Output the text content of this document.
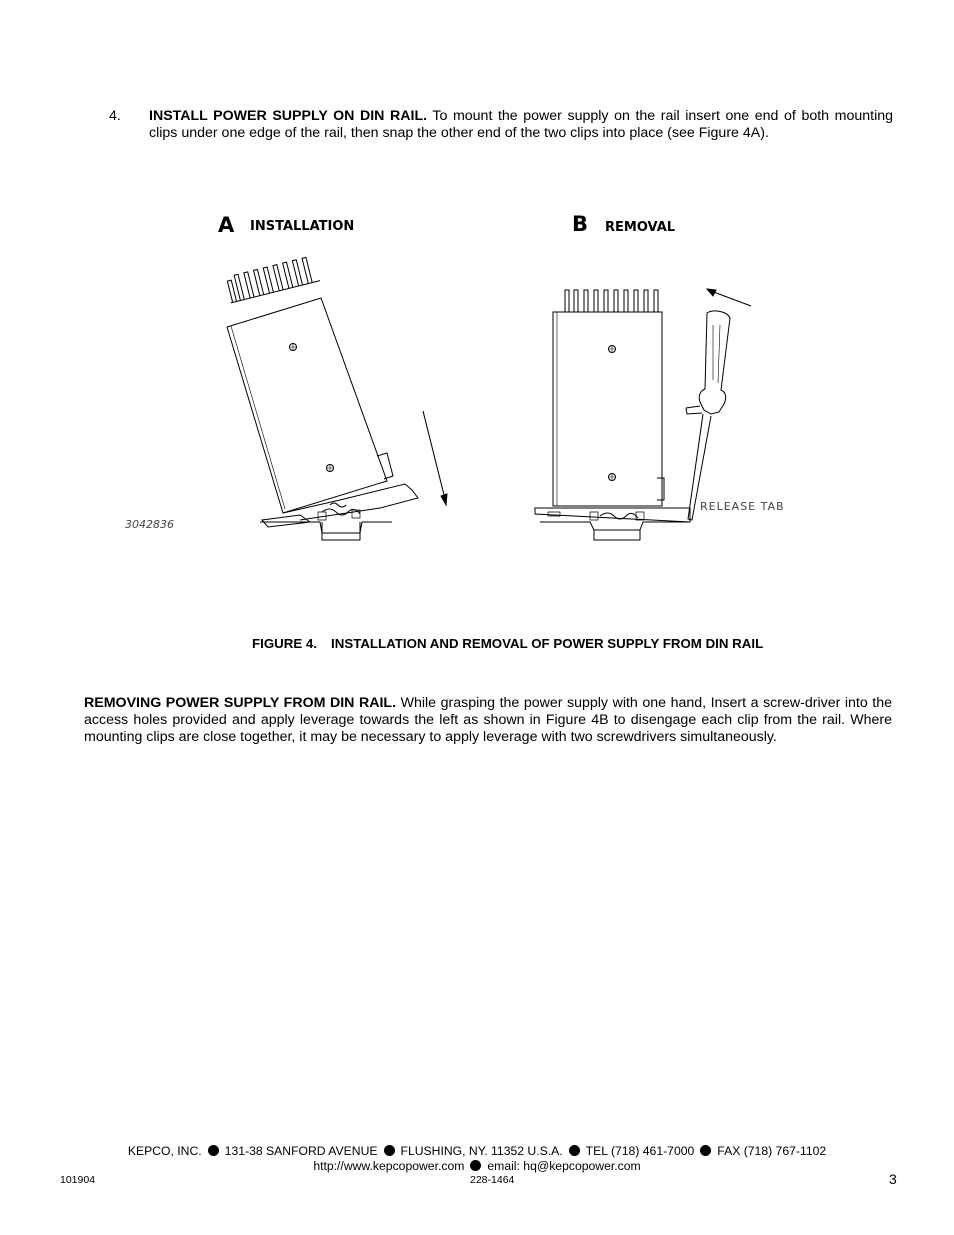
4. INSTALL POWER SUPPLY ON DIN RAIL. To mount the power supply on the rail insert one end of both mounting clips under one edge of the rail, then snap the other end of the two clips into place (see Figure 4A).
A INSTALLATION	B REMOVAL
3042836
RELEASE TAB
FIGURE 4. INSTALLATION AND REMOVAL OF POWER SUPPLY FROM DIN RAIL
REMOVING POWER SUPPLY FROM DIN RAIL. While grasping the power supply with one hand, Insert a screw-driver into the access holes provided and apply leverage towards the left as shown in Figure 4B to disengage each clip from the rail. Where mounting clips are close together, it may be necessary to apply leverage with two screwdrivers simultaneously.
KEPCO, INC. 131-38 SANFORD AVENUE FLUSHING, NY. 11352 U.S.A. TEL (718) 461-7000 FAX (718) 767-1102
http://www.kepcopower.com email: hq@kepcopower.com
101904	228-1464	3
